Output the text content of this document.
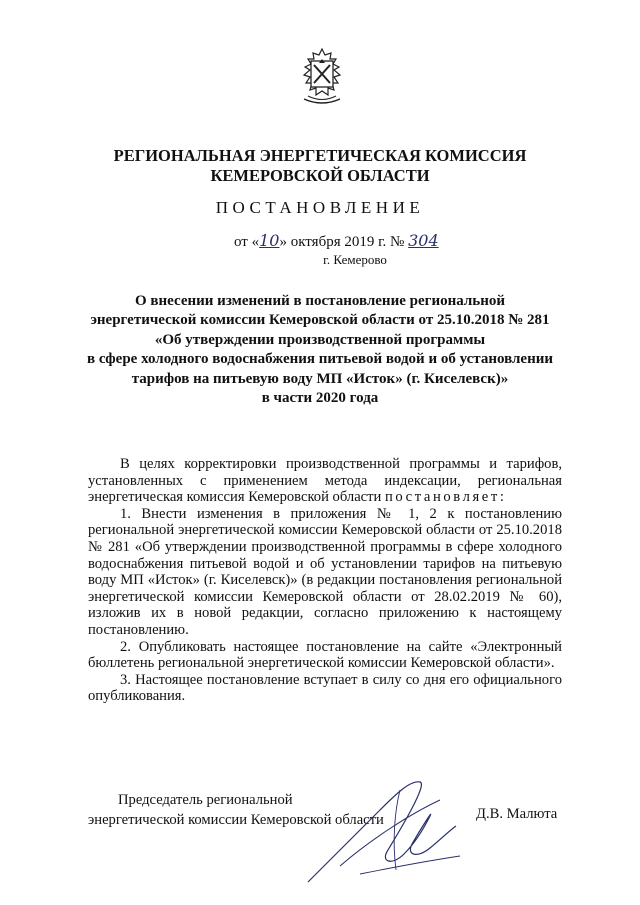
РЕГИОНАЛЬНАЯ ЭНЕРГЕТИЧЕСКАЯ КОМИССИЯ
КЕМЕРОВСКОЙ ОБЛАСТИ
ПОСТАНОВЛЕНИЕ
от «10» октября 2019 г. № 304
г. Кемерово
О внесении изменений в постановление региональной
энергетической комиссии Кемеровской области от 25.10.2018 № 281
«Об утверждении производственной программы
в сфере холодного водоснабжения питьевой водой и об установлении
тарифов на питьевую воду МП «Исток» (г. Киселевск)»
в части 2020 года

В целях корректировки производственной программы и тарифов, установленных с применением метода индексации, региональная энергетическая комиссия Кемеровской области постановляет:

1. Внести изменения в приложения № 1, 2 к постановлению региональной энергетической комиссии Кемеровской области от 25.10.2018 № 281 «Об утверждении производственной программы в сфере холодного водоснабжения питьевой водой и об установлении тарифов на питьевую воду МП «Исток» (г. Киселевск)» (в редакции постановления региональной энергетической комиссии Кемеровской области от 28.02.2019 № 60), изложив их в новой редакции, согласно приложению к настоящему постановлению.

2. Опубликовать настоящее постановление на сайте «Электронный бюллетень региональной энергетической комиссии Кемеровской области».

3. Настоящее постановление вступает в силу со дня его официального опубликования.

Председатель региональной
энергетической комиссии Кемеровской области	Д.В. Малюта
